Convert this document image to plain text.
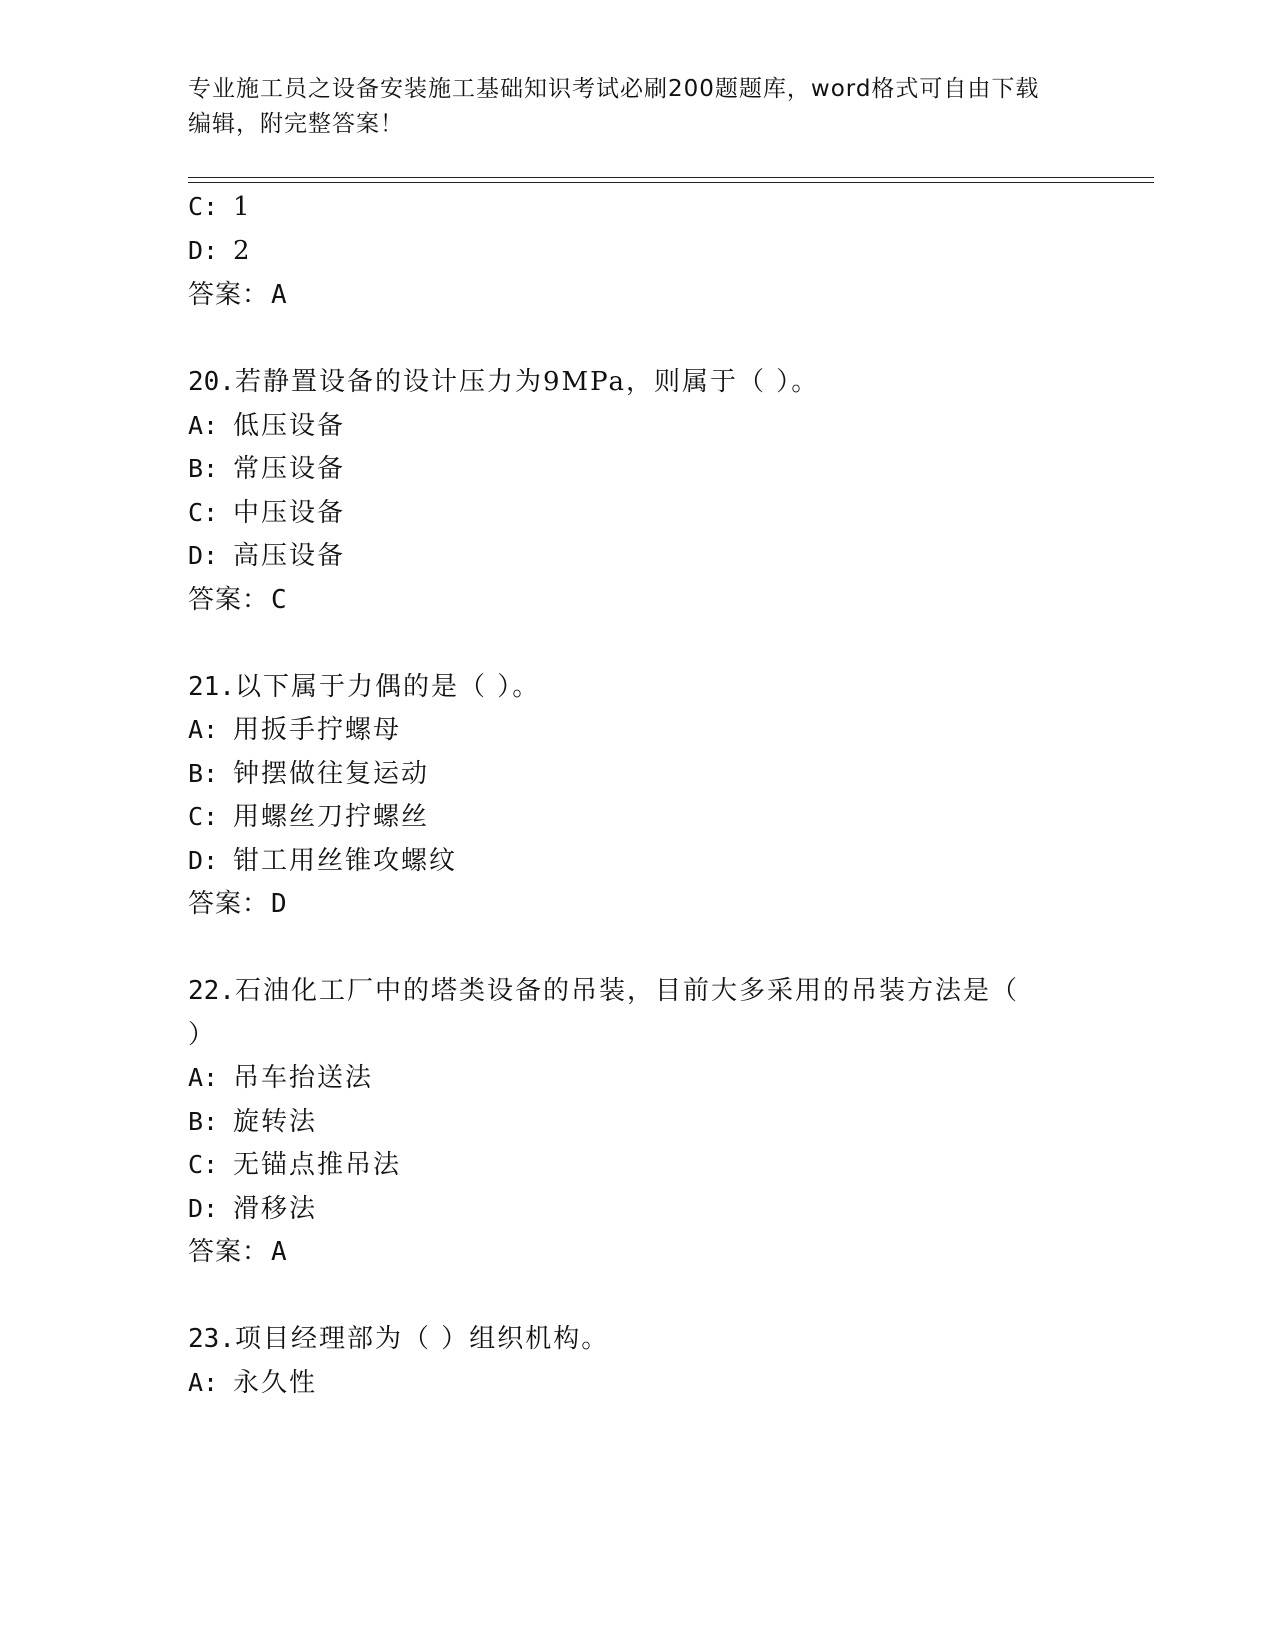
专业施工员之设备安装施工基础知识考试必刷200题题库，word格式可自由下载
编辑，附完整答案！
C: 1
D: 2
答案：A
20.若静置设备的设计压力为9MPa，则属于（ ）。
A: 低压设备
B: 常压设备
C: 中压设备
D: 高压设备
答案：C
21.以下属于力偶的是（ ）。
A: 用扳手拧螺母
B: 钟摆做往复运动
C: 用螺丝刀拧螺丝
D: 钳工用丝锥攻螺纹
答案：D
22.石油化工厂中的塔类设备的吊装，目前大多采用的吊装方法是（
）
A: 吊车抬送法
B: 旋转法
C: 无锚点推吊法
D: 滑移法
答案：A
23.项目经理部为（ ）组织机构。
A: 永久性
